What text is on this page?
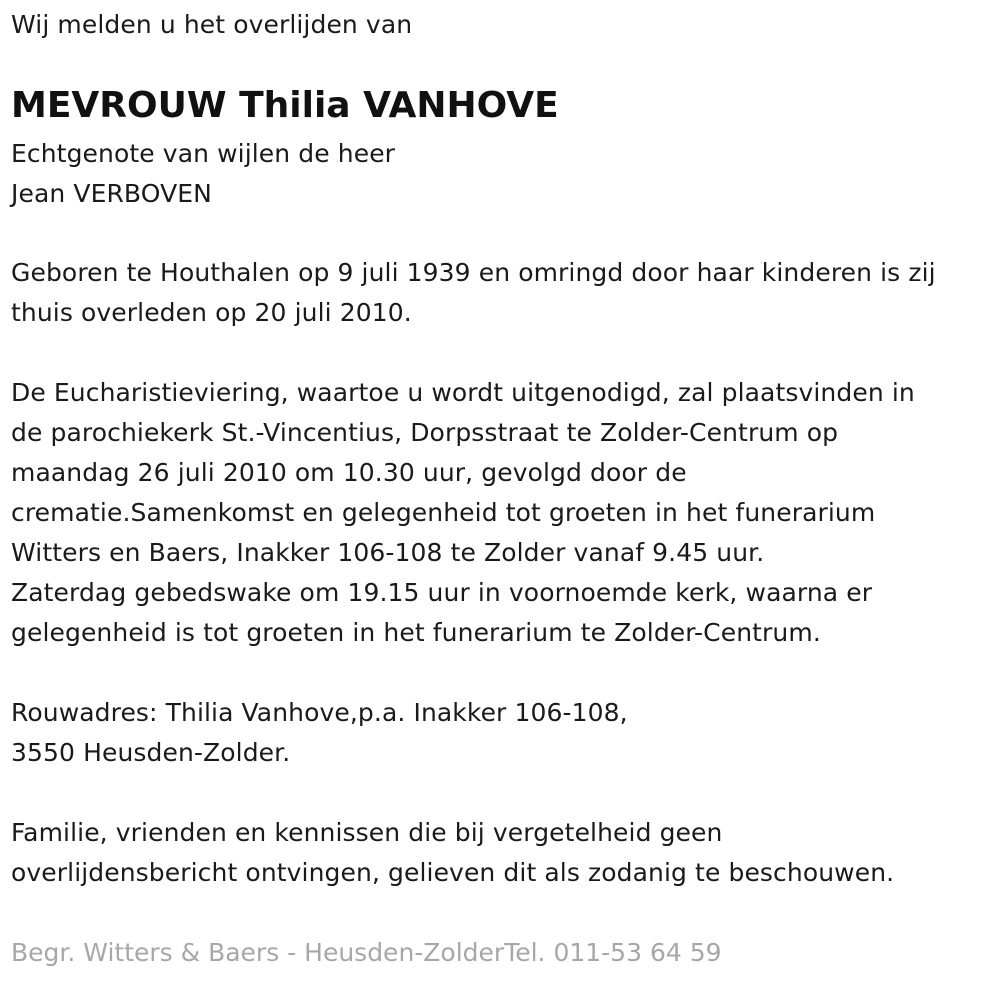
Wij melden u het overlijden van
MEVROUW Thilia VANHOVE
Echtgenote van wijlen de heer
Jean VERBOVEN
Geboren te Houthalen op 9 juli 1939 en omringd door haar kinderen is zij
thuis overleden op 20 juli 2010.
De Eucharistieviering, waartoe u wordt uitgenodigd, zal plaatsvinden in
de parochiekerk St.-Vincentius, Dorpsstraat te Zolder-Centrum op
maandag 26 juli 2010 om 10.30 uur, gevolgd door de
crematie.Samenkomst en gelegenheid tot groeten in het funerarium
Witters en Baers, Inakker 106-108 te Zolder vanaf 9.45 uur.
Zaterdag gebedswake om 19.15 uur in voornoemde kerk, waarna er
gelegenheid is tot groeten in het funerarium te Zolder-Centrum.
Rouwadres: Thilia Vanhove,p.a. Inakker 106-108,
3550 Heusden-Zolder.
Familie, vrienden en kennissen die bij vergetelheid geen
overlijdensbericht ontvingen, gelieven dit als zodanig te beschouwen.
Begr. Witters & Baers - Heusden-ZolderTel. 011-53 64 59
